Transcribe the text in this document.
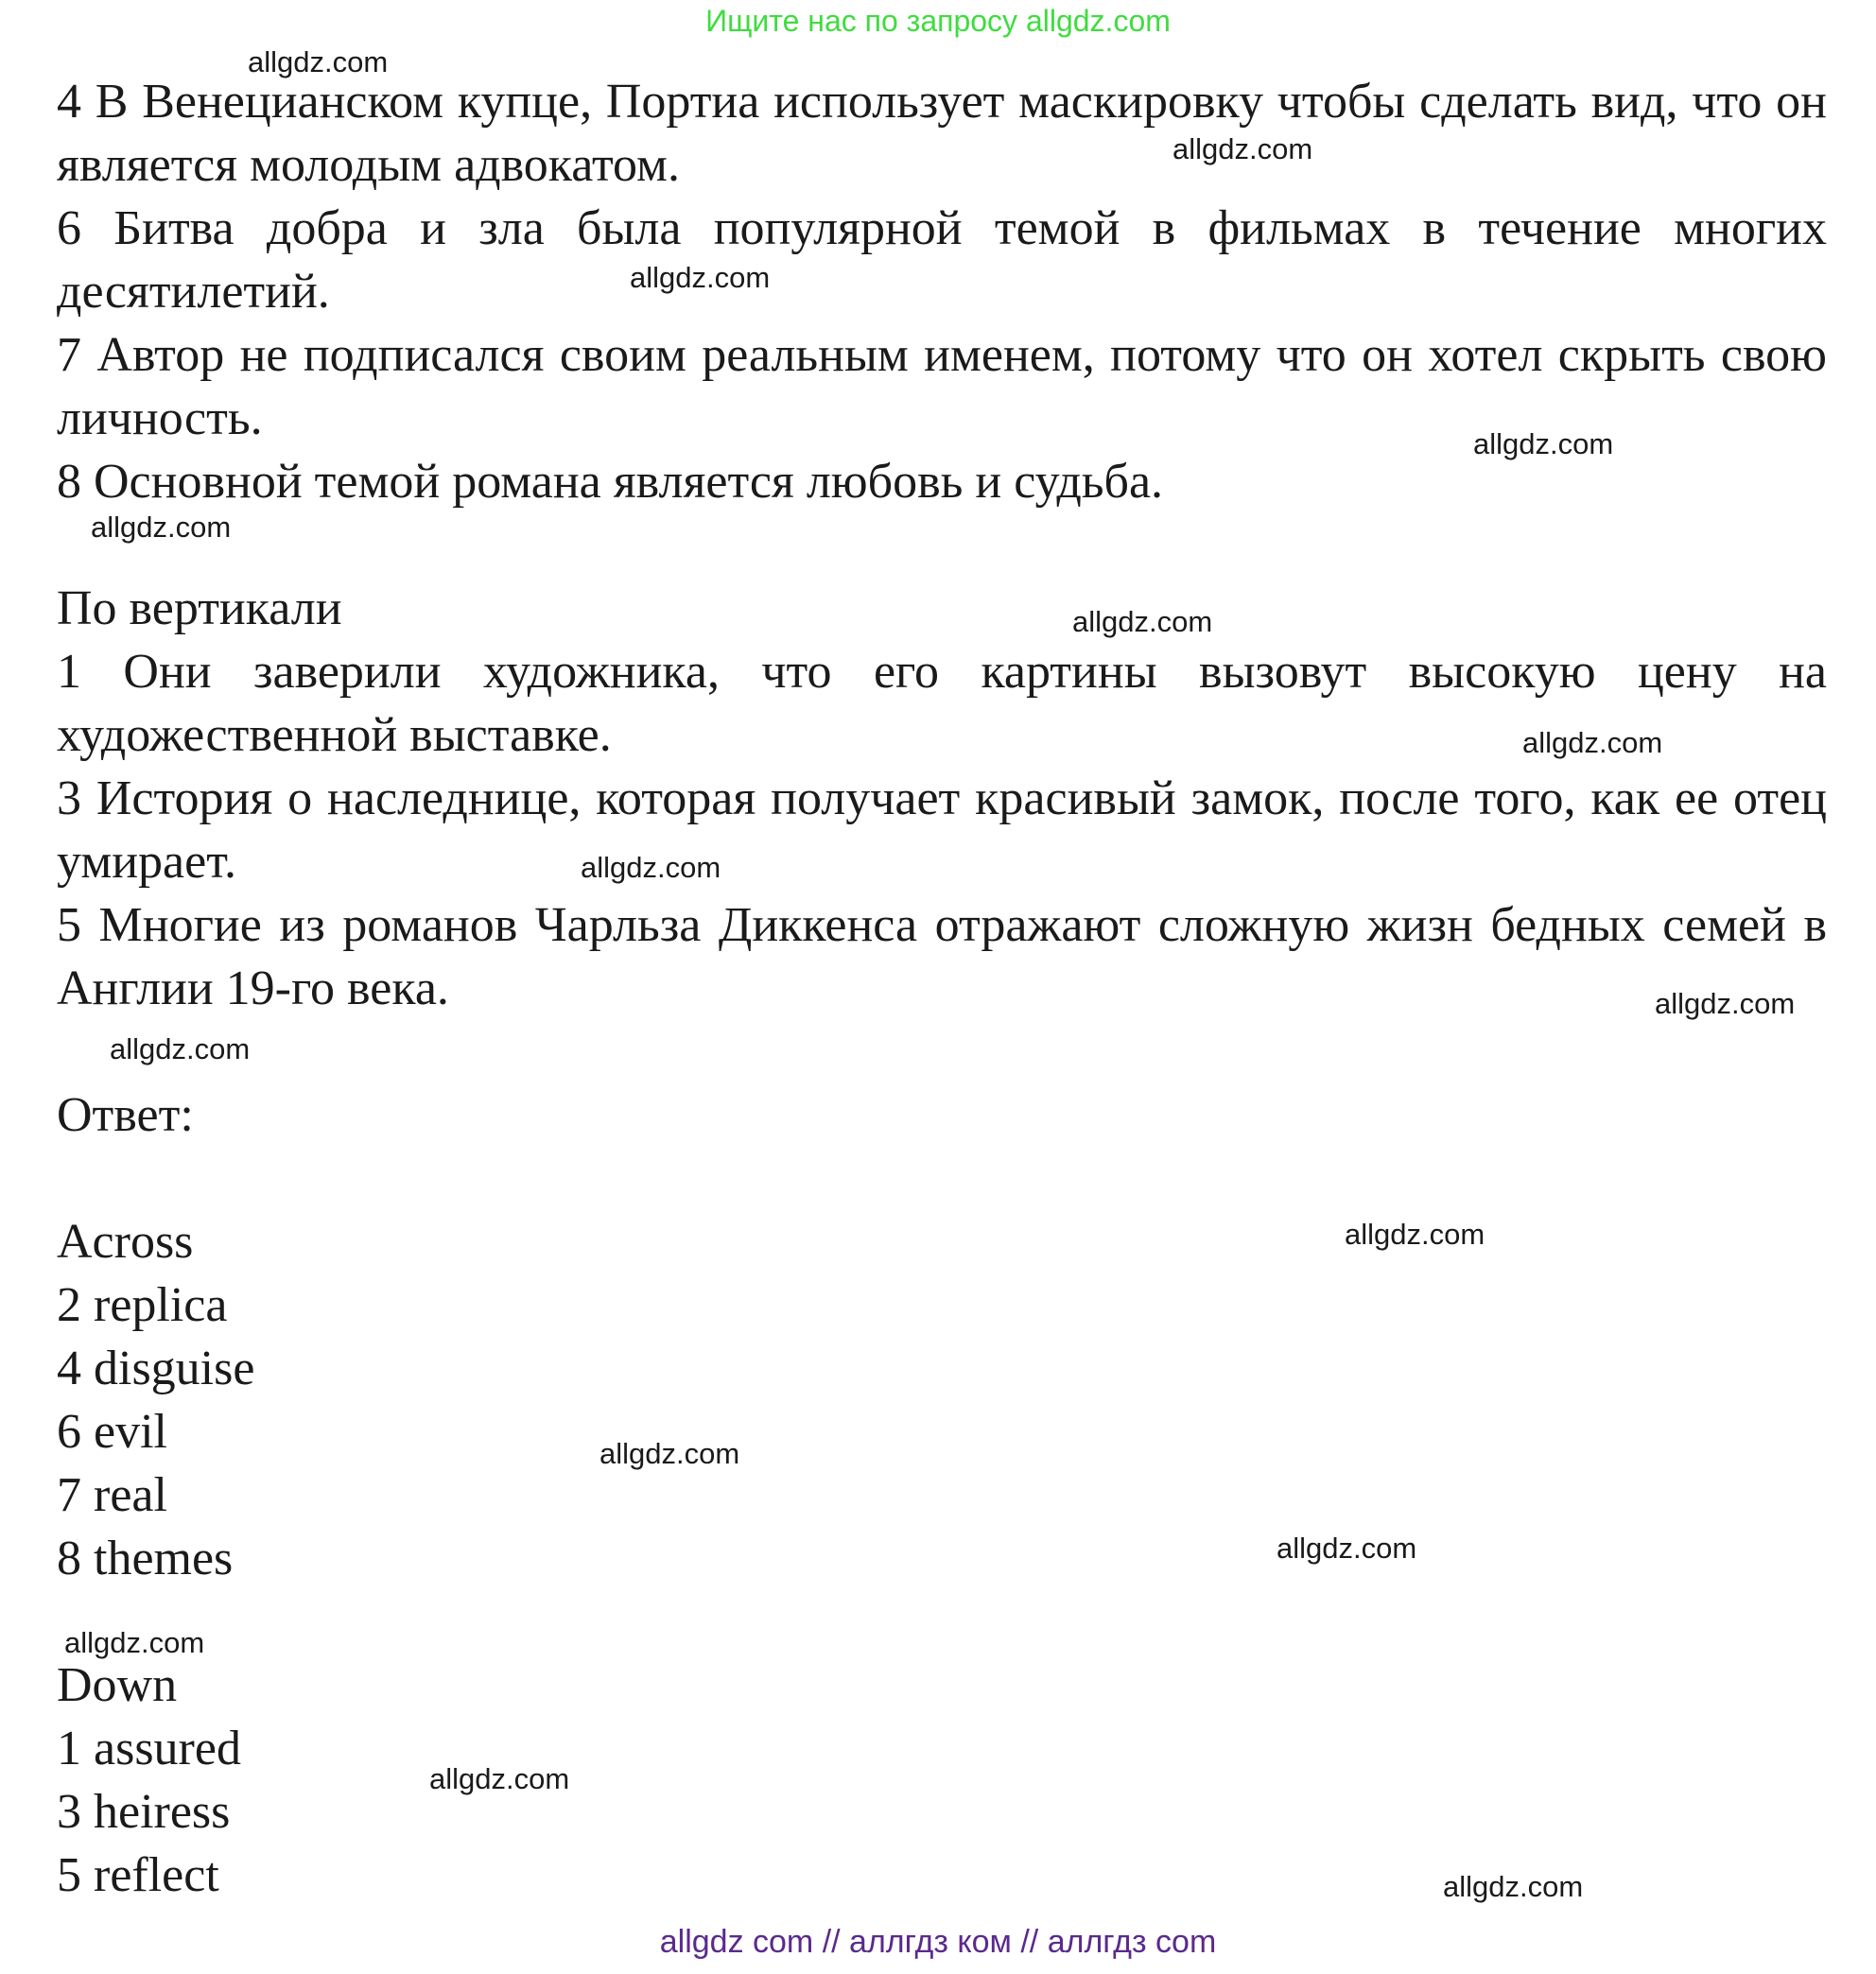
Ищите нас по запросу allgdz.com

4 В Венецианском купце, Портиа использует маскировку чтобы сделать вид, что он является молодым адвокатом.

6 Битва добра и зла была популярной темой в фильмах в течение многих десятилетий.

7 Автор не подписался своим реальным именем, потому что он хотел скрыть свою личность.

8 Основной темой романа является любовь и судьба.

По вертикали

1 Они заверили художника, что его картины вызовут высокую цену на художественной выставке.

3 История о наследнице, которая получает красивый замок, после того, как ее отец умирает.

5 Многие из романов Чарльза Диккенса отражают сложную жизн бедных семей в Англии 19-го века.

Ответ:

Across

2 replica

4 disguise

6 evil

7 real

8 themes

Down

1 assured

3 heiress

5 reflect

allgdz.com
allgdz.com
allgdz.com
allgdz.com
allgdz.com
allgdz.com
allgdz.com
allgdz.com
allgdz.com
allgdz.com
allgdz.com
allgdz.com
allgdz.com
allgdz.com
allgdz.com
allgdz.com
allgdz com // аллгдз ком // аллгдз com
